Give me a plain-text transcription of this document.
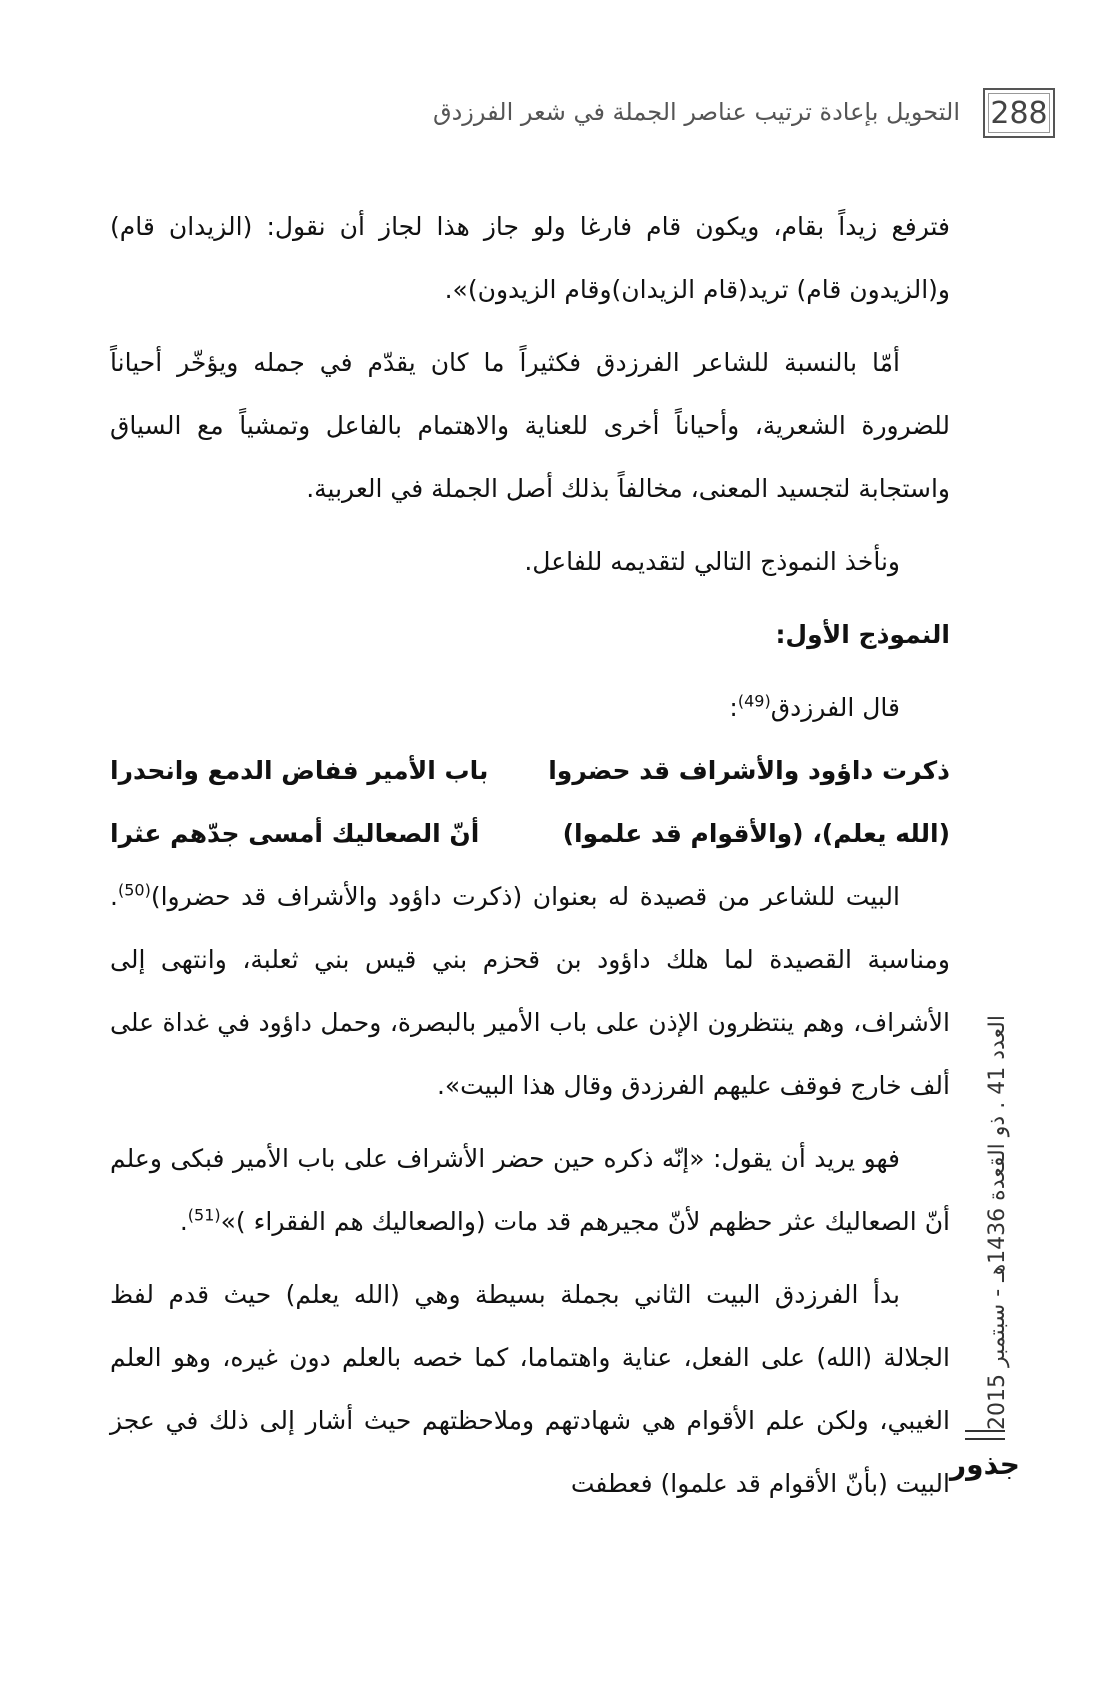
288
التحويل بإعادة ترتيب عناصر الجملة في شعر الفرزدق

فترفع زيداً بقام، ويكون قام فارغا ولو جاز هذا لجاز أن نقول: (الزيدان قام) و(الزيدون قام) تريد(قام الزيدان)وقام الزيدون)».

أمّا بالنسبة للشاعر الفرزدق فكثيراً ما كان يقدّم في جمله ويؤخّر أحياناً للضرورة الشعرية، وأحياناً أخرى للعناية والاهتمام بالفاعل وتمشياً مع السياق واستجابة لتجسيد المعنى، مخالفاً بذلك أصل الجملة في العربية.

ونأخذ النموذج التالي لتقديمه للفاعل.

النموذج الأول:

قال الفرزدق$^{(49)}$:

ذكرت داؤود والأشراف قد حضروا
باب الأمير ففاض الدمع وانحدرا
(الله يعلم)، (والأقوام قد علموا)
أنّ الصعاليك أمسى جدّهم عثرا

البيت للشاعر من قصيدة له بعنوان (ذكرت داؤود والأشراف قد حضروا)$^{(50)}$. ومناسبة القصيدة لما هلك داؤود بن قحزم بني قيس بني ثعلبة، وانتهى إلى الأشراف، وهم ينتظرون الإذن على باب الأمير بالبصرة، وحمل داؤود في غداة على ألف خارج فوقف عليهم الفرزدق وقال هذا البيت».

فهو يريد أن يقول: «إنّه ذكره حين حضر الأشراف على باب الأمير فبكى وعلم أنّ الصعاليك عثر حظهم لأنّ مجيرهم قد مات (والصعاليك هم الفقراء )»$^{(51)}$.

بدأ الفرزدق البيت الثاني بجملة بسيطة وهي (الله يعلم) حيث قدم لفظ الجلالة (الله) على الفعل، عناية واهتماما، كما خصه بالعلم دون غيره، وهو العلم الغيبي، ولكن علم الأقوام هي شهادتهم وملاحظتهم حيث أشار إلى ذلك في عجز البيت (بأنّ الأقوام قد علموا) فعطفت

العدد 41 . ذو القعدة 1436هـ - سبتمبر 2015
جذور
